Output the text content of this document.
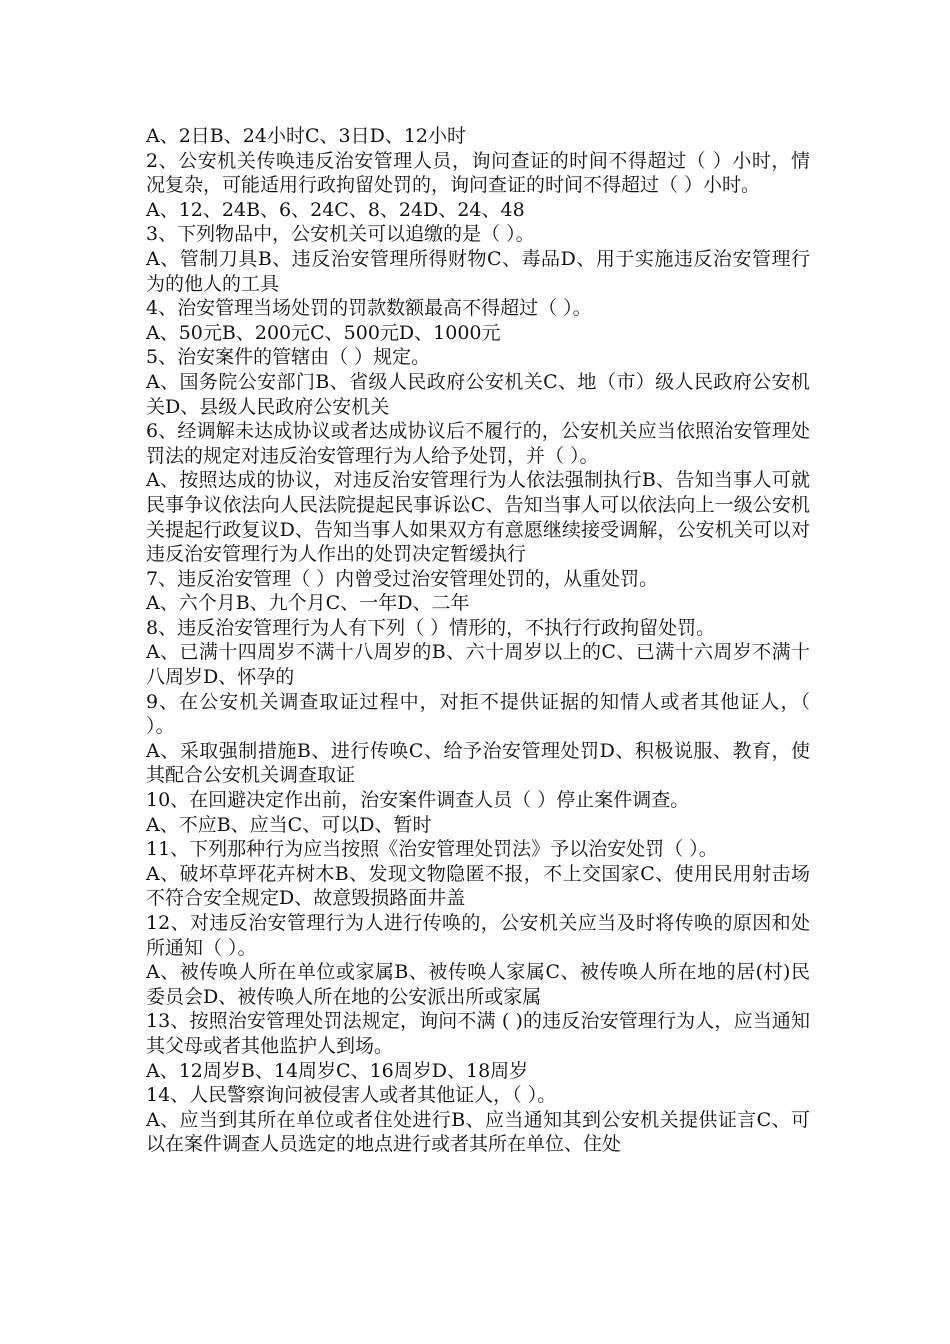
A、2日B、24小时C、3日D、12小时

2、公安机关传唤违反治安管理人员，询问查证的时间不得超过（ ）小时，情况复杂，可能适用行政拘留处罚的，询问查证的时间不得超过（ ）小时。

A、12、24B、6、24C、8、24D、24、48

3、下列物品中，公安机关可以追缴的是（ ）。

A、管制刀具B、违反治安管理所得财物C、毒品D、用于实施违反治安管理行为的他人的工具

4、治安管理当场处罚的罚款数额最高不得超过（ ）。

A、50元B、200元C、500元D、1000元

5、治安案件的管辖由（ ）规定。

A、国务院公安部门B、省级人民政府公安机关C、地（市）级人民政府公安机关D、县级人民政府公安机关

6、经调解未达成协议或者达成协议后不履行的，公安机关应当依照治安管理处罚法的规定对违反治安管理行为人给予处罚，并（ ）。

A、按照达成的协议，对违反治安管理行为人依法强制执行B、告知当事人可就民事争议依法向人民法院提起民事诉讼C、告知当事人可以依法向上一级公安机关提起行政复议D、告知当事人如果双方有意愿继续接受调解，公安机关可以对违反治安管理行为人作出的处罚决定暂缓执行

7、违反治安管理（ ）内曾受过治安管理处罚的，从重处罚。

A、六个月B、九个月C、一年D、二年

8、违反治安管理行为人有下列（ ）情形的，不执行行政拘留处罚。

A、已满十四周岁不满十八周岁的B、六十周岁以上的C、已满十六周岁不满十八周岁D、怀孕的

9、在公安机关调查取证过程中，对拒不提供证据的知情人或者其他证人，（ ）。

A、采取强制措施B、进行传唤C、给予治安管理处罚D、积极说服、教育，使其配合公安机关调查取证

10、在回避决定作出前，治安案件调查人员（ ）停止案件调查。

A、不应B、应当C、可以D、暂时

11、下列那种行为应当按照《治安管理处罚法》予以治安处罚（ ）。

A、破坏草坪花卉树木B、发现文物隐匿不报，不上交国家C、使用民用射击场不符合安全规定D、故意毁损路面井盖

12、对违反治安管理行为人进行传唤的，公安机关应当及时将传唤的原因和处所通知（ ）。

A、被传唤人所在单位或家属B、被传唤人家属C、被传唤人所在地的居(村)民委员会D、被传唤人所在地的公安派出所或家属

13、按照治安管理处罚法规定，询问不满 ( )的违反治安管理行为人，应当通知其父母或者其他监护人到场。

A、12周岁B、14周岁C、16周岁D、18周岁

14、人民警察询问被侵害人或者其他证人，（ ）。

A、应当到其所在单位或者住处进行B、应当通知其到公安机关提供证言C、可以在案件调查人员选定的地点进行或者其所在单位、住处
